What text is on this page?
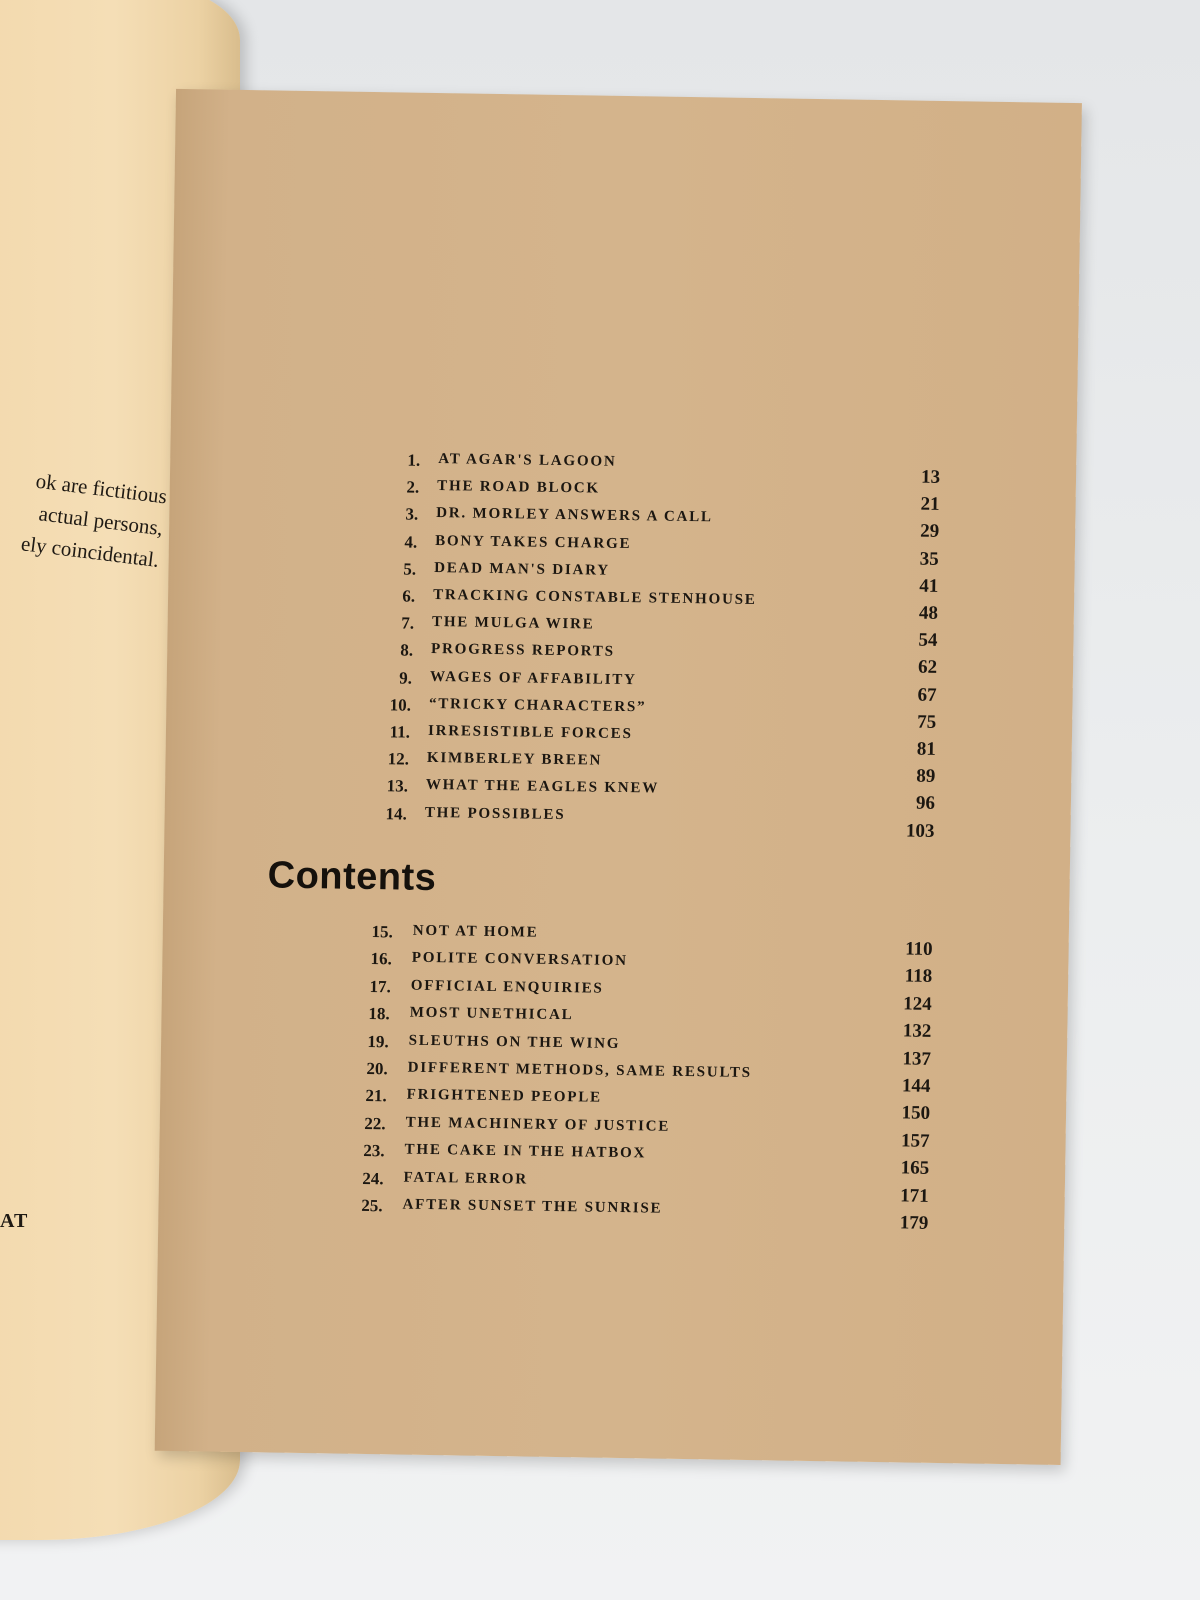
ok are fictitious
actual persons,
ely coincidental.
AT
1. AT AGAR'S LAGOON
13
2. THE ROAD BLOCK
21
3. DR. MORLEY ANSWERS A CALL
29
4. BONY TAKES CHARGE
35
5. DEAD MAN'S DIARY
41
6. TRACKING CONSTABLE STENHOUSE
48
7. THE MULGA WIRE
54
8. PROGRESS REPORTS
62
9. WAGES OF AFFABILITY
67
10. “TRICKY CHARACTERS”
75
11. IRRESISTIBLE FORCES
81
12. KIMBERLEY BREEN
89
13. WHAT THE EAGLES KNEW
96
14. THE POSSIBLES
103
Contents
15. NOT AT HOME
110
16. POLITE CONVERSATION
118
17. OFFICIAL ENQUIRIES
124
18. MOST UNETHICAL
132
19. SLEUTHS ON THE WING
137
20. DIFFERENT METHODS, SAME RESULTS
144
21. FRIGHTENED PEOPLE
150
22. THE MACHINERY OF JUSTICE
157
23. THE CAKE IN THE HATBOX
165
24. FATAL ERROR
171
25. AFTER SUNSET THE SUNRISE
179
